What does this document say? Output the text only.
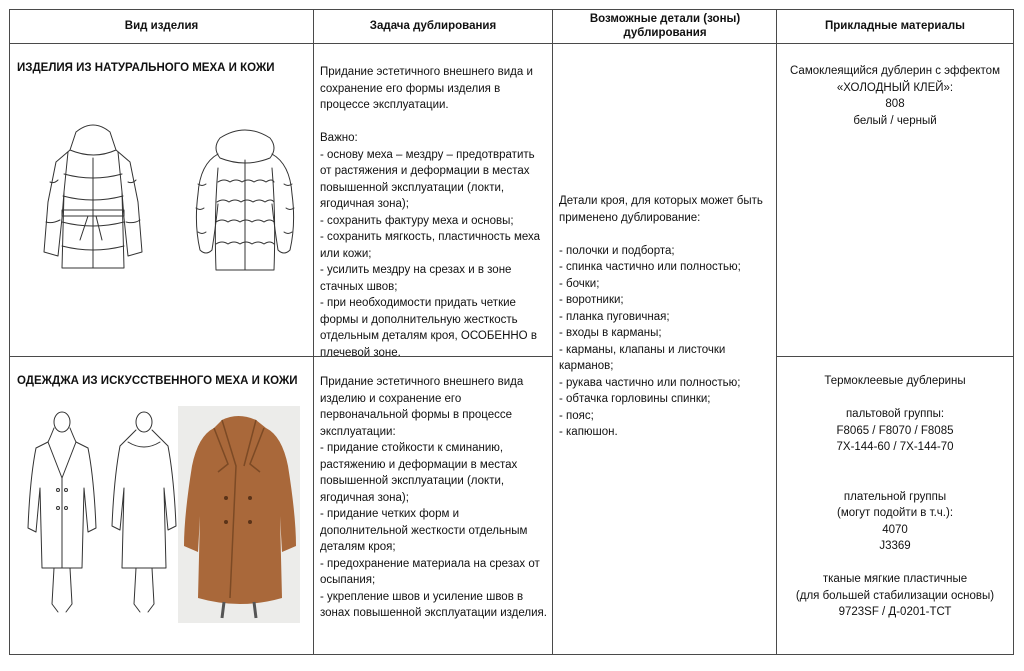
Вид изделия	Задача дублирования
Возможные детали (зоны) дублирования
Прикладные материалы
ИЗДЕЛИЯ ИЗ НАТУРАЛЬНОГО МЕХА И КОЖИ	Придание эстетичного внешнего вида и сохранение его формы изделия в процессе эксплуатации.

Важно:
- основу меха – мездру – предотвратить от растяжения и деформации в местах повышенной эксплуатации (локти, ягодичная зона);
- сохранить фактуру меха и основы;
- сохранить мягкость, пластичность меха или кожи;
- усилить мездру на срезах и в зоне стачных швов;
- при необходимости придать четкие формы и дополнительную жесткость отдельным деталям кроя, ОСОБЕННО в плечевой зоне.
Самоклеящийся дублерин с эффектом «ХОЛОДНЫЙ КЛЕЙ»:
808
белый / черный
Детали кроя, для которых может быть применено дублирование:

- полочки и подборта;
- спинка частично или полностью;
- бочки;
- воротники;
- планка пуговичная;
- входы в карманы;
- карманы, клапаны и листочки карманов;
- рукава частично или полностью;
- обтачка горловины спинки;
- пояс;
- капюшон.
ОДЕЖДЖА ИЗ ИСКУССТВЕННОГО МЕХА И КОЖИ Придание эстетичного внешнего вида изделию и сохранение его первоначальной формы в процессе эксплуатации:
- придание стойкости к сминанию, растяжению и деформации в местах повышенной эксплуатации (локти, ягодичная зона);
- придание четких форм и дополнительной жесткости отдельным деталям кроя;
- предохранение материала на срезах от осыпания;
- укрепление швов и усиление швов в зонах повышенной эксплуатации изделия.
Термоклеевые дублерины

пальтовой группы:
F8065 / F8070 / F8085
7Х-144-60 / 7Х-144-70

плательной группы
(могут подойти в т.ч.):
4070
J3369

тканые мягкие пластичные
(для большей стабилизации основы)
9723SF / Д-0201-ТСТ
